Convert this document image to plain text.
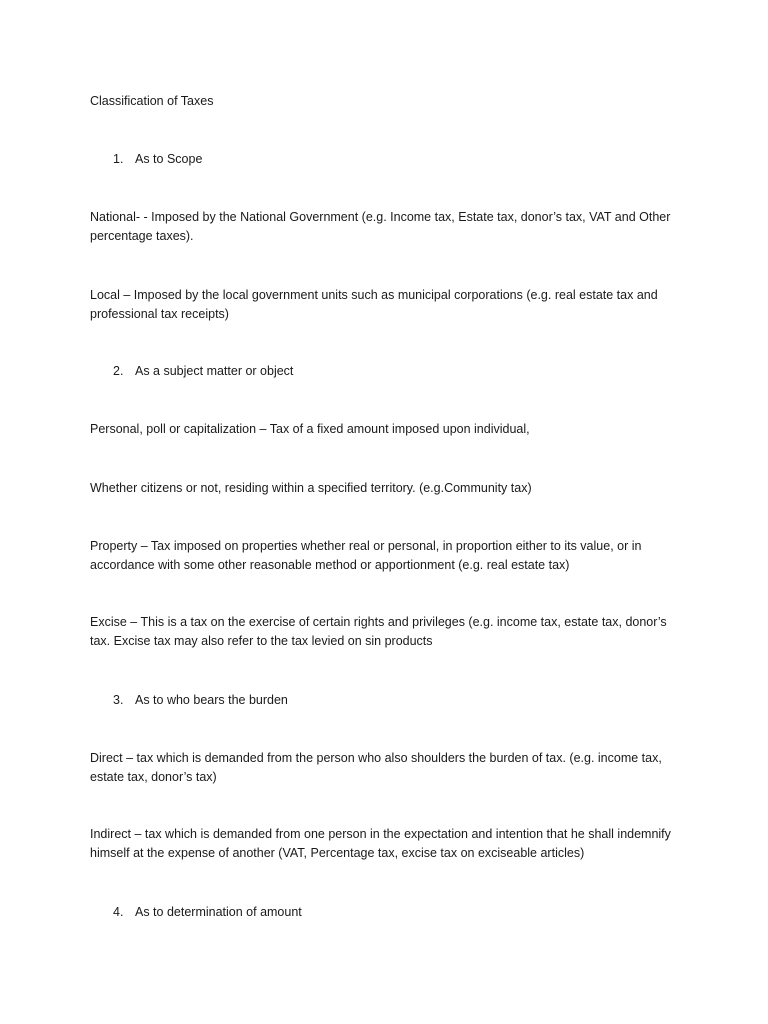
Classification of Taxes
1. As to Scope
National- - Imposed by the National Government (e.g. Income tax, Estate tax, donor’s tax, VAT and Other percentage taxes).
Local – Imposed by the local government units such as municipal corporations (e.g. real estate tax and professional tax receipts)
2. As a subject matter or object
Personal, poll or capitalization – Tax of a fixed amount imposed upon individual,
Whether citizens or not, residing within a specified territory. (e.g.Community tax)
Property – Tax imposed on properties whether real or personal, in proportion either to its value, or in accordance with some other reasonable method or apportionment (e.g. real estate tax)
Excise – This is a tax on the exercise of certain rights and privileges (e.g. income tax, estate tax, donor’s tax. Excise tax may also refer to the tax levied on sin products
3. As to who bears the burden
Direct – tax which is demanded from the person who also shoulders the burden of tax. (e.g. income tax, estate tax, donor’s tax)
Indirect – tax which is demanded from one person in the expectation and intention that he shall indemnify himself at the expense of another (VAT, Percentage tax, excise tax on exciseable articles)
4. As to determination of amount
